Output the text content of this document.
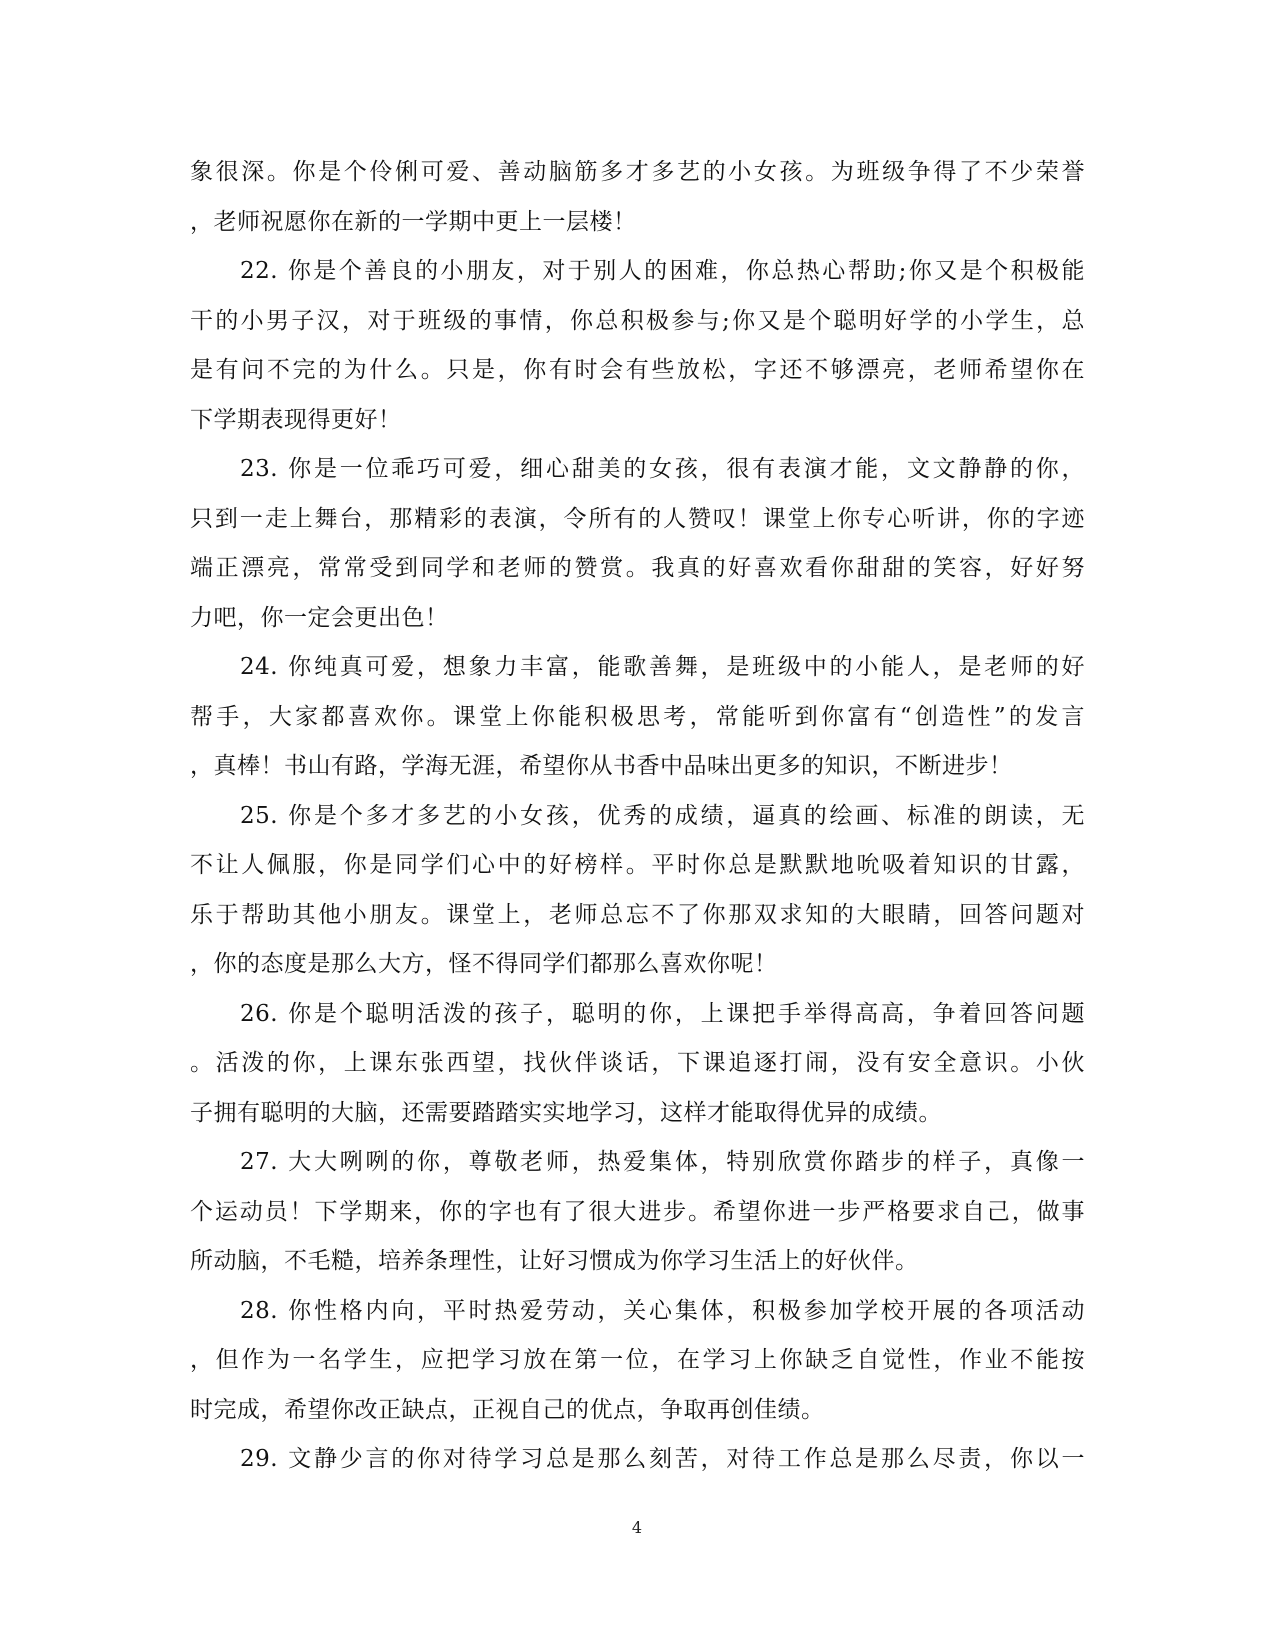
象很深。你是个伶俐可爱、善动脑筋多才多艺的小女孩。为班级争得了不少荣誉
，老师祝愿你在新的一学期中更上一层楼！
22. 你是个善良的小朋友，对于别人的困难，你总热心帮助;你又是个积极能
干的小男子汉，对于班级的事情，你总积极参与;你又是个聪明好学的小学生，总
是有问不完的为什么。只是，你有时会有些放松，字还不够漂亮，老师希望你在
下学期表现得更好！
23. 你是一位乖巧可爱，细心甜美的女孩，很有表演才能，文文静静的你，
只到一走上舞台，那精彩的表演，令所有的人赞叹！课堂上你专心听讲，你的字迹
端正漂亮，常常受到同学和老师的赞赏。我真的好喜欢看你甜甜的笑容，好好努
力吧，你一定会更出色！
24. 你纯真可爱，想象力丰富，能歌善舞，是班级中的小能人，是老师的好
帮手，大家都喜欢你。课堂上你能积极思考，常能听到你富有“创造性”的发言
，真棒！书山有路，学海无涯，希望你从书香中品味出更多的知识，不断进步！
25. 你是个多才多艺的小女孩，优秀的成绩，逼真的绘画、标准的朗读，无
不让人佩服，你是同学们心中的好榜样。平时你总是默默地吮吸着知识的甘露，
乐于帮助其他小朋友。课堂上，老师总忘不了你那双求知的大眼睛，回答问题对
，你的态度是那么大方，怪不得同学们都那么喜欢你呢！
26. 你是个聪明活泼的孩子，聪明的你，上课把手举得高高，争着回答问题
。活泼的你，上课东张西望，找伙伴谈话，下课追逐打闹，没有安全意识。小伙
子拥有聪明的大脑，还需要踏踏实实地学习，这样才能取得优异的成绩。
27. 大大咧咧的你，尊敬老师，热爱集体，特别欣赏你踏步的样子，真像一
个运动员！下学期来，你的字也有了很大进步。希望你进一步严格要求自己，做事
所动脑，不毛糙，培养条理性，让好习惯成为你学习生活上的好伙伴。
28. 你性格内向，平时热爱劳动，关心集体，积极参加学校开展的各项活动
，但作为一名学生，应把学习放在第一位，在学习上你缺乏自觉性，作业不能按
时完成，希望你改正缺点，正视自己的优点，争取再创佳绩。
29. 文静少言的你对待学习总是那么刻苦，对待工作总是那么尽责，你以一
4
